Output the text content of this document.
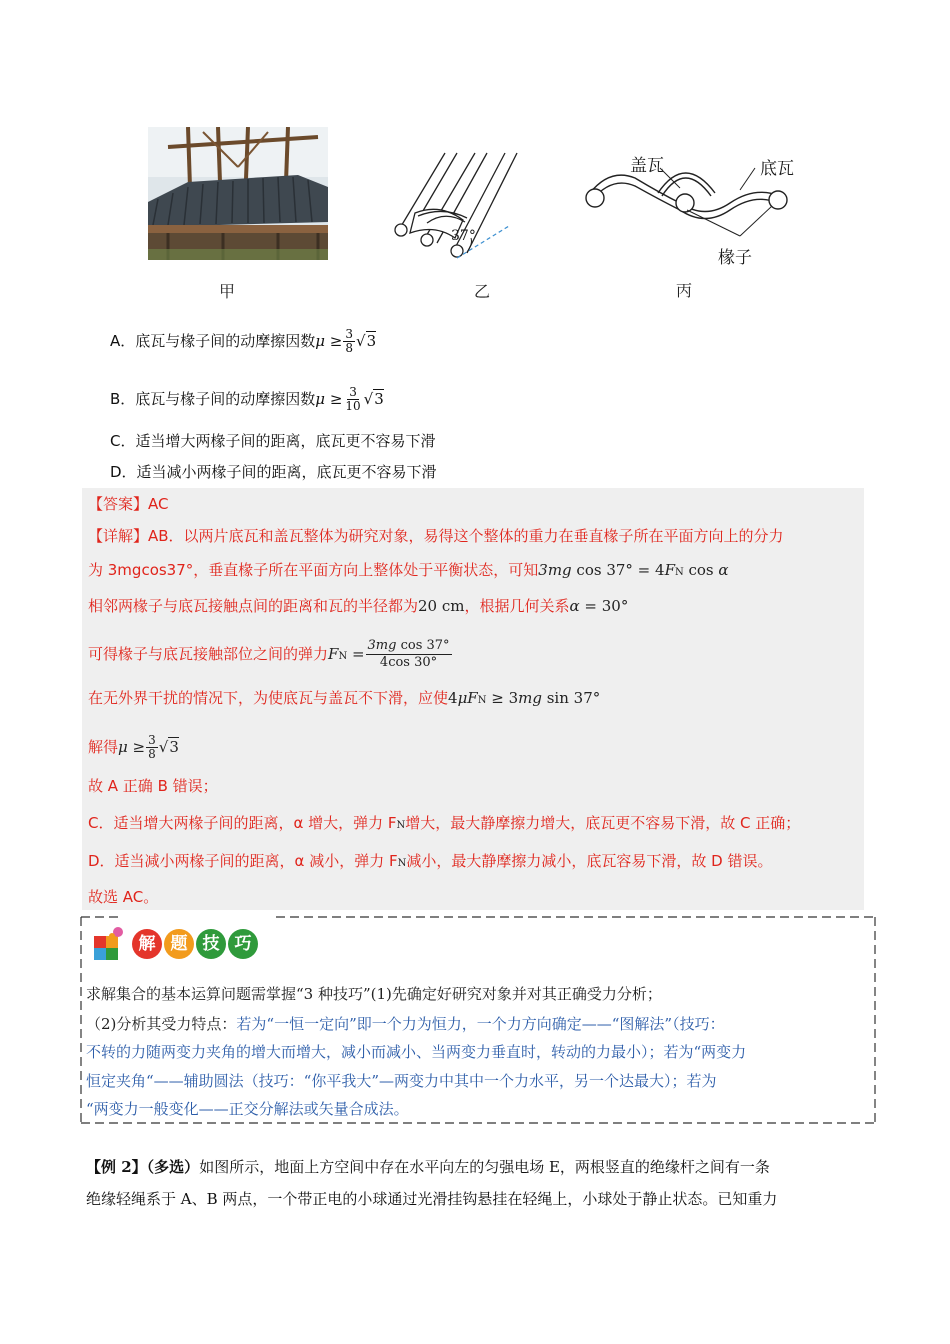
甲
37°
乙
盖瓦	底瓦
椽子
丙
A．底瓦与椽子间的动摩擦因数$\mu \ge \frac{3}{8} √3$
B．底瓦与椽子间的动摩擦因数$\mu \ge \frac{3}{10} √3$
C．适当增大两椽子间的距离，底瓦更不容易下滑
D．适当减小两椽子间的距离，底瓦更不容易下滑
【答案】AC
【详解】AB．以两片底瓦和盖瓦整体为研究对象，易得这个整体的重力在垂直椽子所在平面方向上的分力
为 3mgcos37°，垂直椽子所在平面方向上整体处于平衡状态，可知3mg cos 37° = 4FN cos α
相邻两椽子与底瓦接触点间的距离和瓦的半径都为20 cm，根据几何关系α = 30°
可得椽子与底瓦接触部位之间的弹力FN = $\frac{\text{3mg cos 37°}}{4\cos 30^\circ}$
在无外界干扰的情况下，为使底瓦与盖瓦不下滑，应使4μFN ≥ 3mg sin 37°
解得$\mu \ge \frac{3}{8} √3$
故 A 正确 B 错误；
C．适当增大两椽子间的距离，α 增大，弹力 FN增大，最大静摩擦力增大，底瓦更不容易下滑，故 C 正确；
D．适当减小两椽子间的距离，α 减小，弹力 FN减小，最大静摩擦力减小，底瓦容易下滑，故 D 错误。
故选 AC。
解 题 技 巧
求解集合的基本运算问题需掌握“3 种技巧”(1)先确定好研究对象并对其正确受力分析；
（2)分析其受力特点：若为“一恒一定向”即一个力为恒力，一个力方向确定——“图解法”（技巧：
不转的力随两变力夹角的增大而增大，减小而减小、当两变力垂直时，转动的力最小）；若为“两变力
恒定夹角“——辅助圆法（技巧：“你平我大”—两变力中其中一个力水平，另一个达最大）；若为
“两变力一般变化——正交分解法或矢量合成法。
【例 2】（多选）如图所示，地面上方空间中存在水平向左的匀强电场 E，两根竖直的绝缘杆之间有一条
绝缘轻绳系于 A、B 两点，一个带正电的小球通过光滑挂钩悬挂在轻绳上，小球处于静止状态。已知重力
